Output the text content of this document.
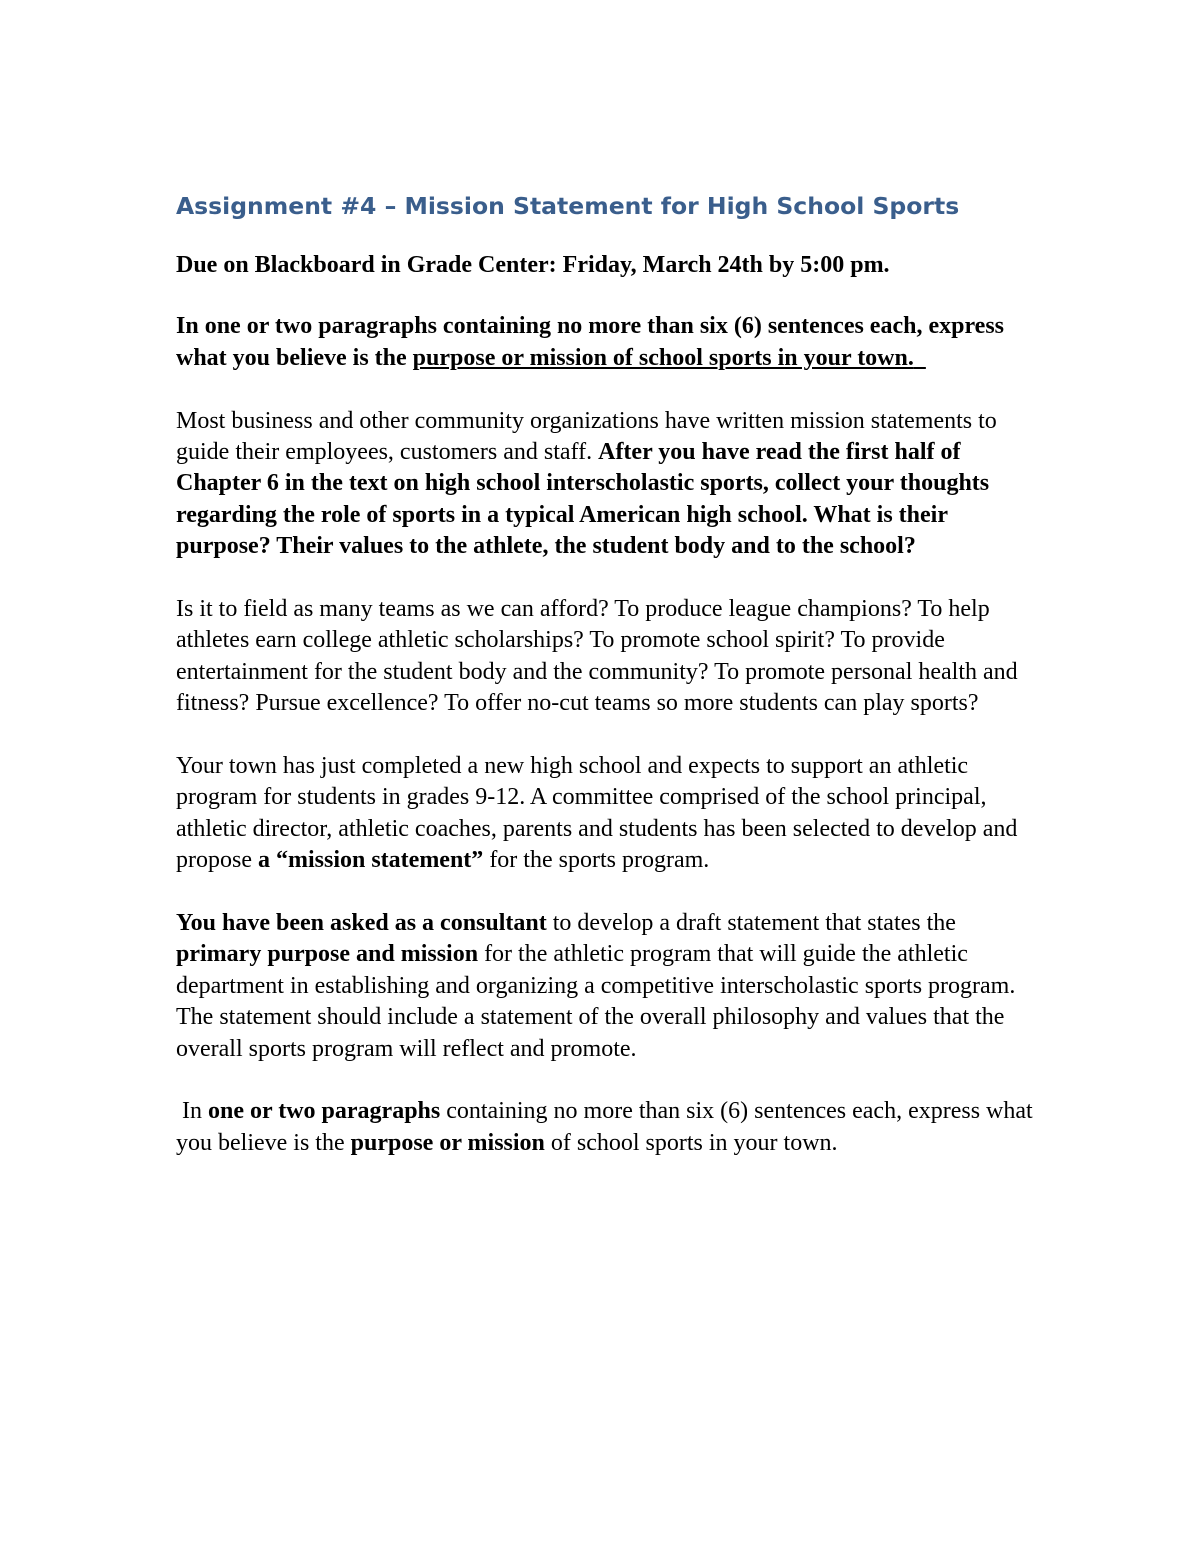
Assignment #4 – Mission Statement for High School Sports

Due on Blackboard in Grade Center: Friday, March 24th by 5:00 pm.

In one or two paragraphs containing no more than six (6) sentences each, express what you believe is the purpose or mission of school sports in your town.

Most business and other community organizations have written mission statements to guide their employees, customers and staff. After you have read the first half of Chapter 6 in the text on high school interscholastic sports, collect your thoughts regarding the role of sports in a typical American high school. What is their purpose? Their values to the athlete, the student body and to the school?

Is it to field as many teams as we can afford? To produce league champions? To help athletes earn college athletic scholarships? To promote school spirit? To provide entertainment for the student body and the community? To promote personal health and fitness? Pursue excellence? To offer no-cut teams so more students can play sports?

Your town has just completed a new high school and expects to support an athletic program for students in grades 9-12. A committee comprised of the school principal, athletic director, athletic coaches, parents and students has been selected to develop and propose a “mission statement” for the sports program.

You have been asked as a consultant to develop a draft statement that states the primary purpose and mission for the athletic program that will guide the athletic department in establishing and organizing a competitive interscholastic sports program. The statement should include a statement of the overall philosophy and values that the overall sports program will reflect and promote.

In one or two paragraphs containing no more than six (6) sentences each, express what you believe is the purpose or mission of school sports in your town.
